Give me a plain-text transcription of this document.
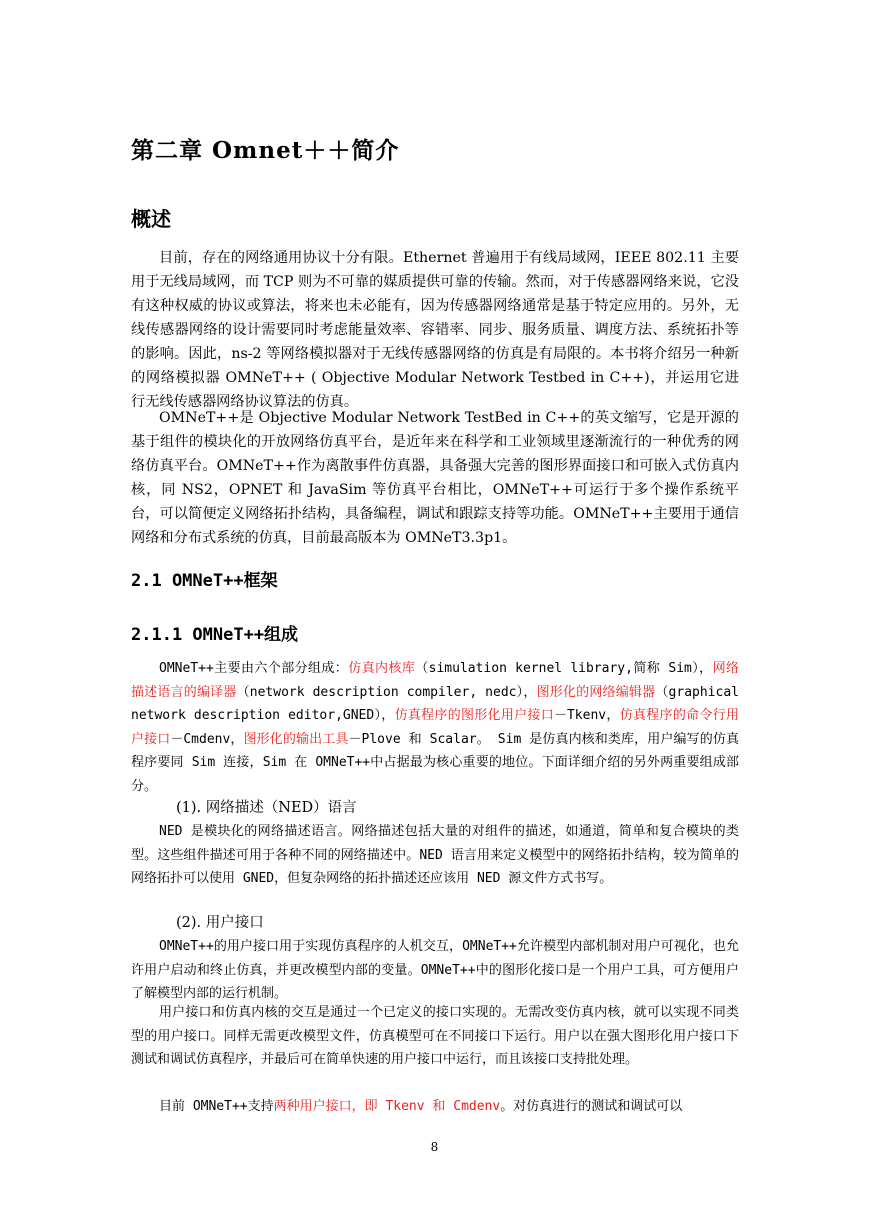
第二章 Omnet＋＋简介
概述
目前，存在的网络通用协议十分有限。Ethernet 普遍用于有线局域网，IEEE 802.11 主要用于无线局域网，而 TCP 则为不可靠的媒质提供可靠的传输。然而，对于传感器网络来说，它没有这种权威的协议或算法，将来也未必能有，因为传感器网络通常是基于特定应用的。另外，无线传感器网络的设计需要同时考虑能量效率、容错率、同步、服务质量、调度方法、系统拓扑等的影响。因此，ns-2 等网络模拟器对于无线传感器网络的仿真是有局限的。本书将介绍另一种新的网络模拟器 OMNeT++ ( Objective Modular Network Testbed in C++)，并运用它进行无线传感器网络协议算法的仿真。
OMNeT++是 Objective Modular Network TestBed in C++的英文缩写，它是开源的基于组件的模块化的开放网络仿真平台，是近年来在科学和工业领域里逐渐流行的一种优秀的网络仿真平台。OMNeT++作为离散事件仿真器，具备强大完善的图形界面接口和可嵌入式仿真内核，同 NS2，OPNET 和 JavaSim 等仿真平台相比，OMNeT++可运行于多个操作系统平台，可以简便定义网络拓扑结构，具备编程，调试和跟踪支持等功能。OMNeT++主要用于通信网络和分布式系统的仿真，目前最高版本为 OMNeT3.3p1。
2.1 OMNeT++框架
2.1.1 OMNeT++组成
OMNeT++主要由六个部分组成：仿真内核库（simulation kernel library,简称 Sim），网络描述语言的编译器（network description compiler, nedc），图形化的网络编辑器（graphical network description editor,GNED），仿真程序的图形化用户接口－Tkenv，仿真程序的命令行用户接口－Cmdenv，图形化的输出工具－Plove 和 Scalar。 Sim 是仿真内核和类库，用户编写的仿真程序要同 Sim 连接，Sim 在 OMNeT++中占据最为核心重要的地位。下面详细介绍的另外两重要组成部分。
(1). 网络描述（NED）语言
NED 是模块化的网络描述语言。网络描述包括大量的对组件的描述，如通道，简单和复合模块的类型。这些组件描述可用于各种不同的网络描述中。NED 语言用来定义模型中的网络拓扑结构，较为简单的网络拓扑可以使用 GNED，但复杂网络的拓扑描述还应该用 NED 源文件方式书写。
(2). 用户接口
OMNeT++的用户接口用于实现仿真程序的人机交互，OMNeT++允许模型内部机制对用户可视化，也允许用户启动和终止仿真，并更改模型内部的变量。OMNeT++中的图形化接口是一个用户工具，可方便用户了解模型内部的运行机制。
用户接口和仿真内核的交互是通过一个已定义的接口实现的。无需改变仿真内核，就可以实现不同类型的用户接口。同样无需更改模型文件，仿真模型可在不同接口下运行。用户以在强大图形化用户接口下测试和调试仿真程序，并最后可在简单快速的用户接口中运行，而且该接口支持批处理。
目前 OMNeT++支持两种用户接口，即 Tkenv 和 Cmdenv。对仿真进行的测试和调试可以
8
